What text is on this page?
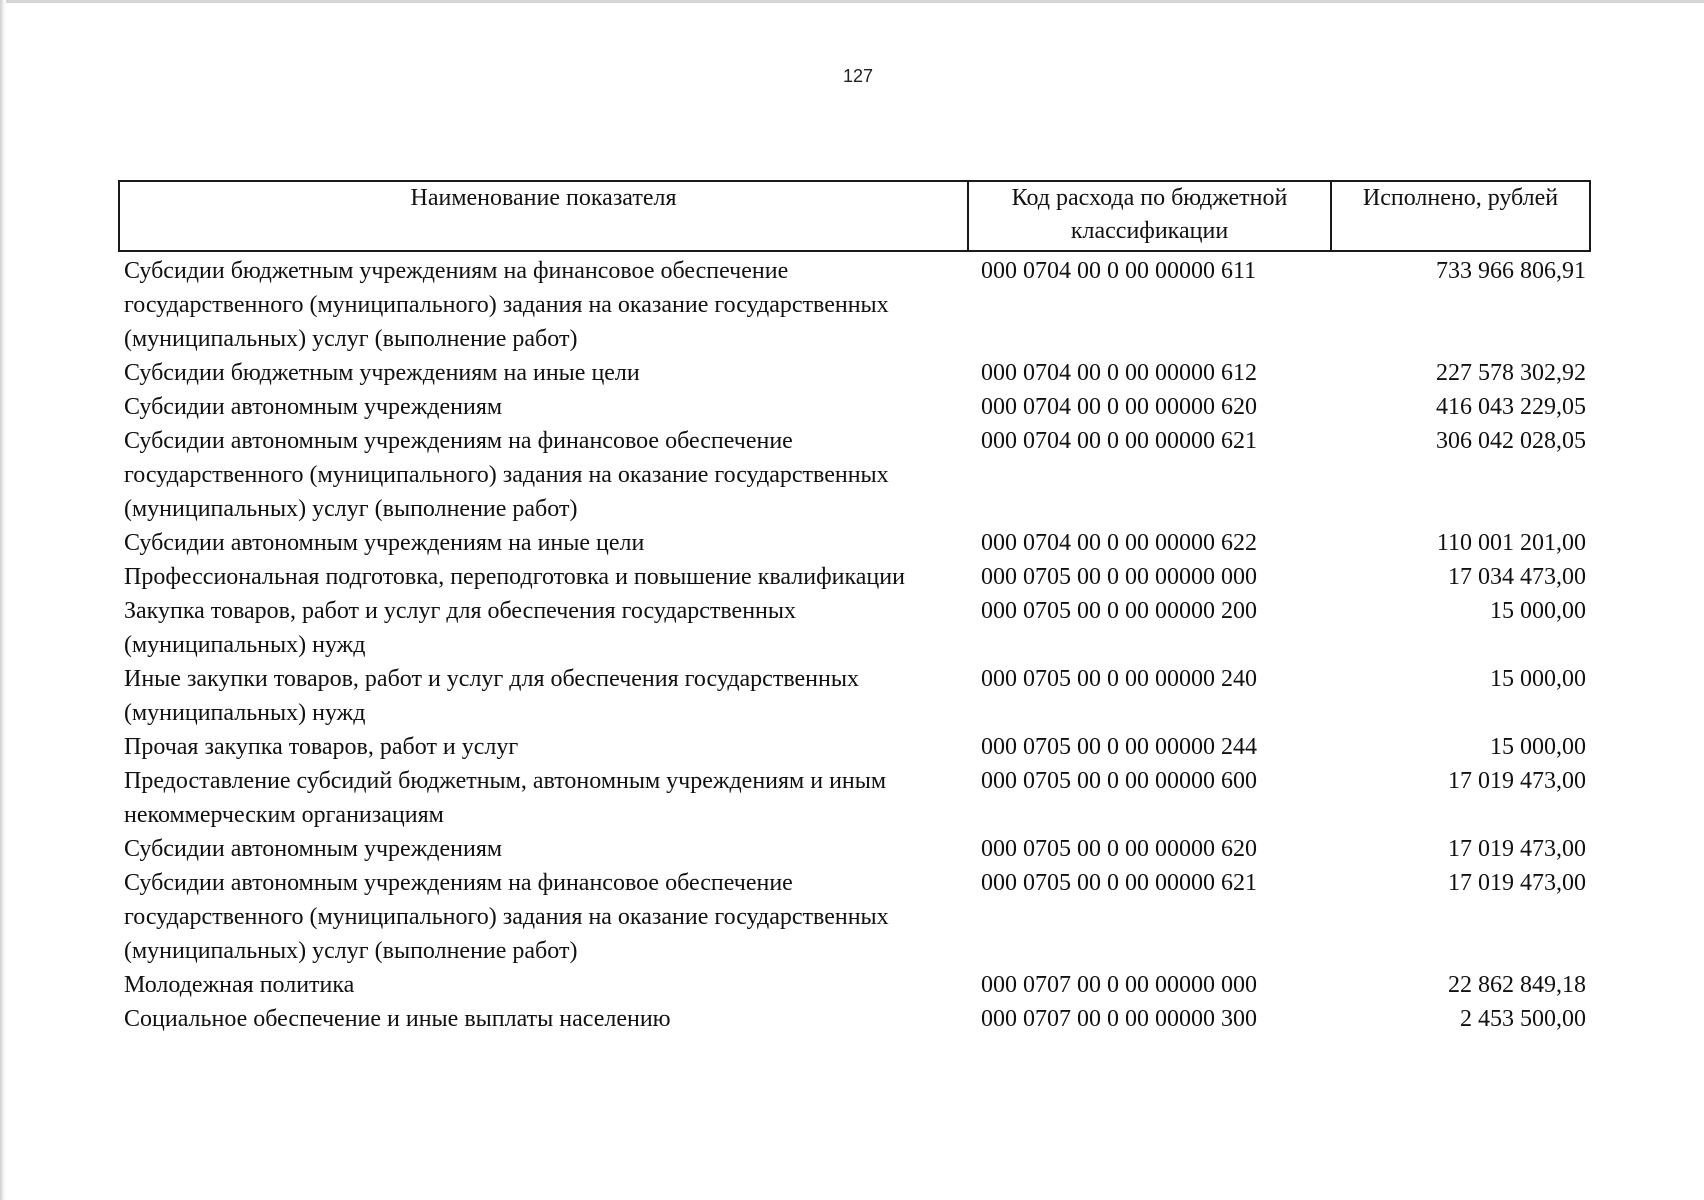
127
Наименование показателя	Код расхода по бюджетной классификации	Исполнено, рублей
Субсидии бюджетным учреждениям на финансовое обеспечение государственного (муниципального) задания на оказание государственных (муниципальных) услуг (выполнение работ)	000 0704 00 0 00 00000 611	733 966 806,91
Субсидии бюджетным учреждениям на иные цели	000 0704 00 0 00 00000 612	227 578 302,92
Субсидии автономным учреждениям	000 0704 00 0 00 00000 620	416 043 229,05
Субсидии автономным учреждениям на финансовое обеспечение государственного (муниципального) задания на оказание государственных (муниципальных) услуг (выполнение работ)	000 0704 00 0 00 00000 621	306 042 028,05
Субсидии автономным учреждениям на иные цели	000 0704 00 0 00 00000 622	110 001 201,00
Профессиональная подготовка, переподготовка и повышение квалификации	000 0705 00 0 00 00000 000	17 034 473,00
Закупка товаров, работ и услуг для обеспечения государственных (муниципальных) нужд	000 0705 00 0 00 00000 200	15 000,00
Иные закупки товаров, работ и услуг для обеспечения государственных (муниципальных) нужд	000 0705 00 0 00 00000 240	15 000,00
Прочая закупка товаров, работ и услуг	000 0705 00 0 00 00000 244	15 000,00
Предоставление субсидий бюджетным, автономным учреждениям и иным некоммерческим организациям	000 0705 00 0 00 00000 600	17 019 473,00
Субсидии автономным учреждениям	000 0705 00 0 00 00000 620	17 019 473,00
Субсидии автономным учреждениям на финансовое обеспечение государственного (муниципального) задания на оказание государственных (муниципальных) услуг (выполнение работ)	000 0705 00 0 00 00000 621	17 019 473,00
Молодежная политика	000 0707 00 0 00 00000 000	22 862 849,18
Социальное обеспечение и иные выплаты населению	000 0707 00 0 00 00000 300	2 453 500,00
